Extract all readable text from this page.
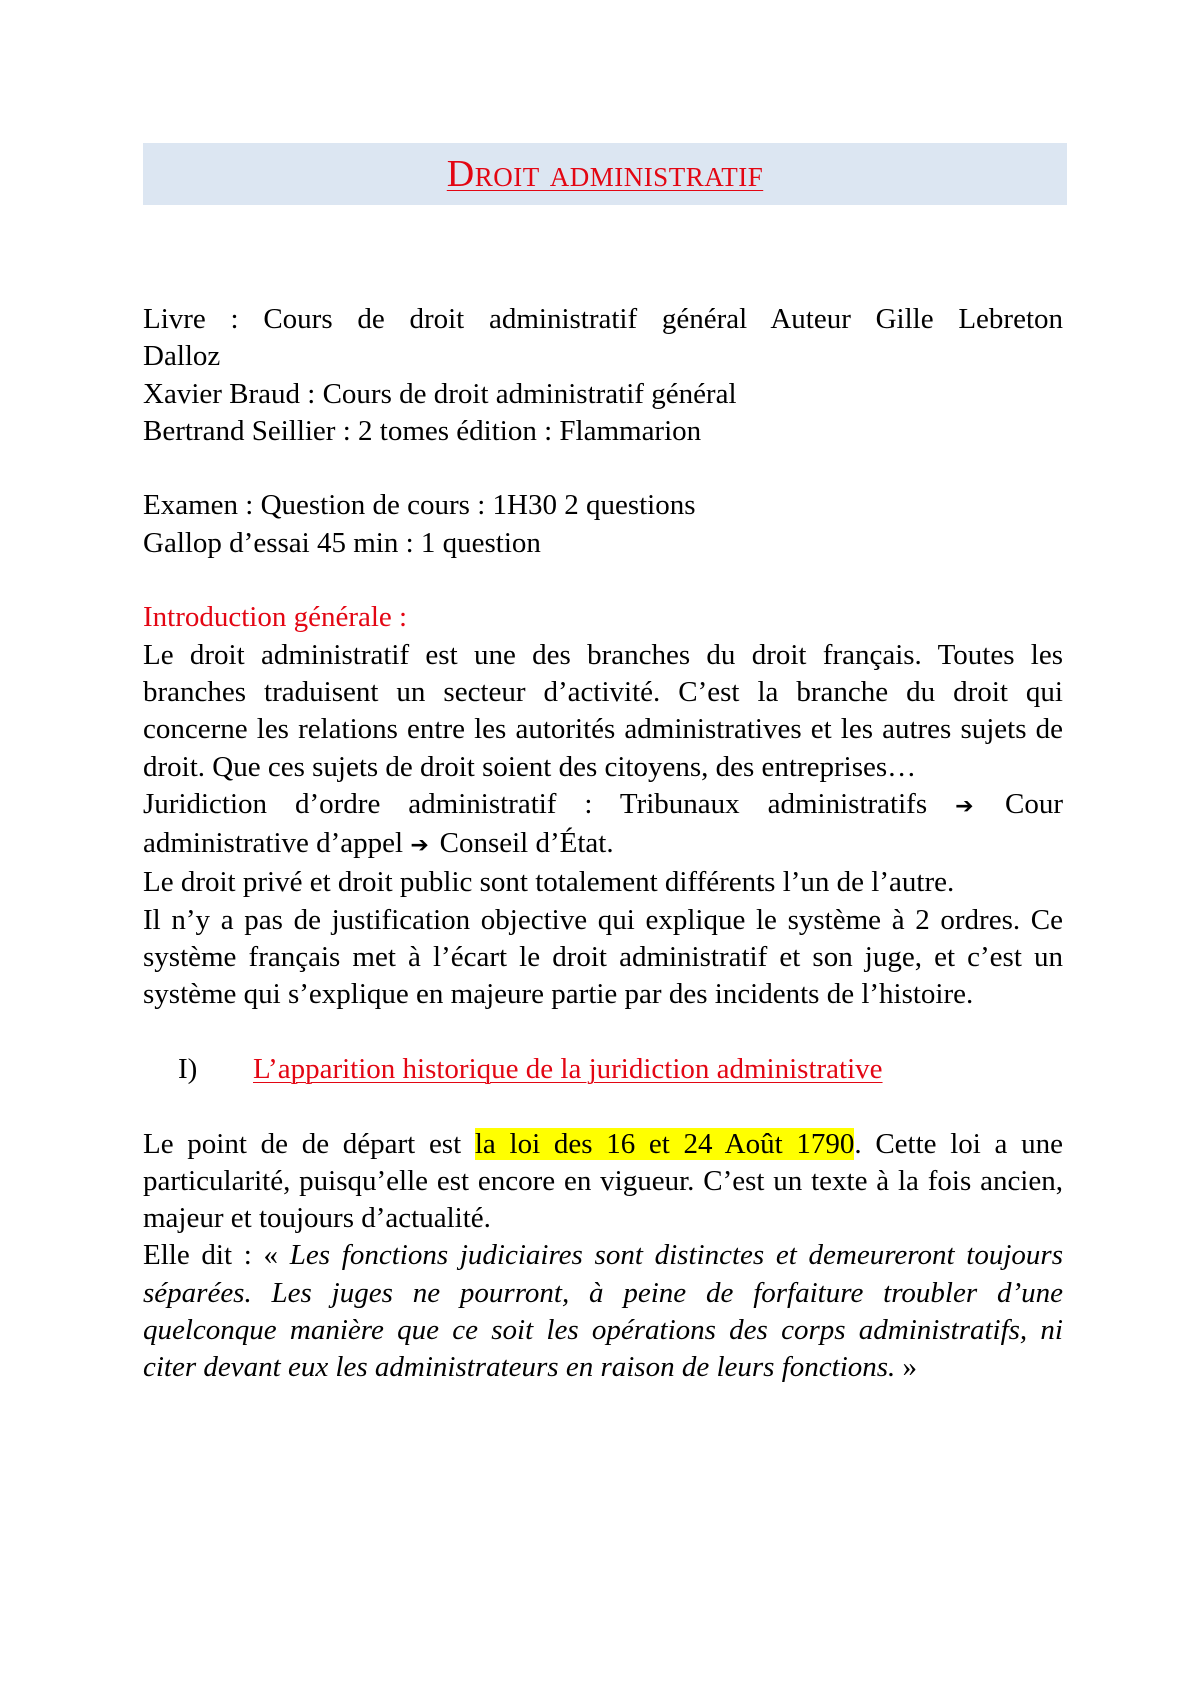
Droit administratif

Livre : Cours de droit administratif général Auteur Gille Lebreton

Dalloz

Xavier Braud : Cours de droit administratif général

Bertrand Seillier : 2 tomes édition : Flammarion

Examen : Question de cours : 1H30 2 questions

Gallop d’essai 45 min : 1 question

Introduction générale :

Le droit administratif est une des branches du droit français. Toutes les branches traduisent un secteur d’activité. C’est la branche du droit qui concerne les relations entre les autorités administratives et les autres sujets de droit. Que ces sujets de droit soient des citoyens, des entreprises…

Juridiction d’ordre administratif : Tribunaux administratifs ➔ Cour administrative d’appel ➔ Conseil d’État.

Le droit privé et droit public sont totalement différents l’un de l’autre.

Il n’y a pas de justification objective qui explique le système à 2 ordres. Ce système français met à l’écart le droit administratif et son juge, et c’est un système qui s’explique en majeure partie par des incidents de l’histoire.

I)	L’apparition historique de la juridiction administrative

Le point de de départ est la loi des 16 et 24 Août 1790. Cette loi a une particularité, puisqu’elle est encore en vigueur. C’est un texte à la fois ancien, majeur et toujours d’actualité.

Elle dit : « Les fonctions judiciaires sont distinctes et demeureront toujours séparées. Les juges ne pourront, à peine de forfaiture troubler d’une quelconque manière que ce soit les opérations des corps administratifs, ni citer devant eux les administrateurs en raison de leurs fonctions. »
